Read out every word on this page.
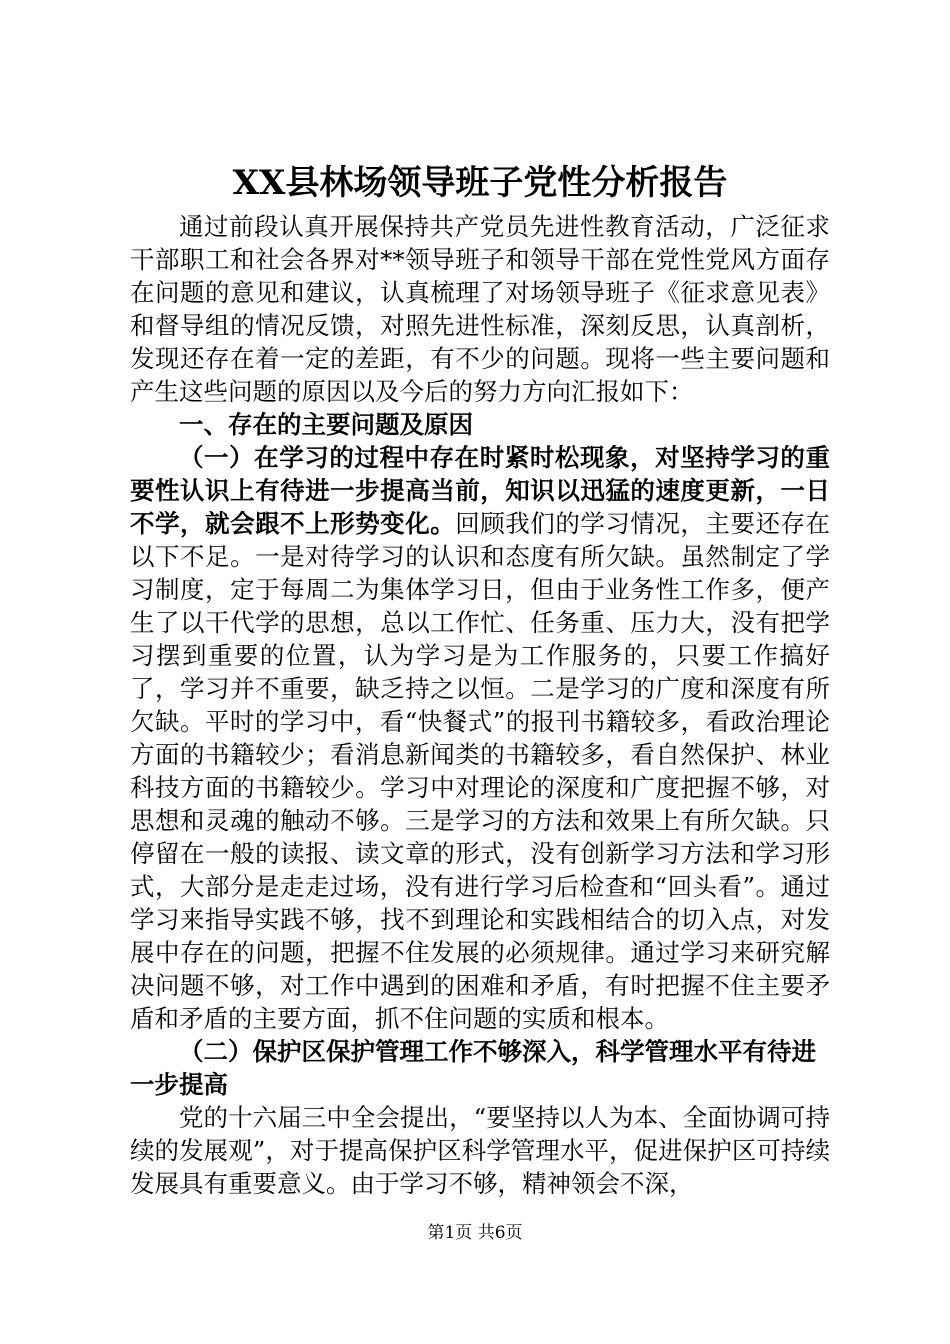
XX县林场领导班子党性分析报告

通过前段认真开展保持共产党员先进性教育活动，广泛征求干部职工和社会各界对**领导班子和领导干部在党性党风方面存在问题的意见和建议，认真梳理了对场领导班子《征求意见表》和督导组的情况反馈，对照先进性标准，深刻反思，认真剖析，发现还存在着一定的差距，有不少的问题。现将一些主要问题和产生这些问题的原因以及今后的努力方向汇报如下：

一、存在的主要问题及原因

（一）在学习的过程中存在时紧时松现象，对坚持学习的重要性认识上有待进一步提高当前，知识以迅猛的速度更新，一日不学，就会跟不上形势变化。回顾我们的学习情况，主要还存在以下不足。一是对待学习的认识和态度有所欠缺。虽然制定了学习制度，定于每周二为集体学习日，但由于业务性工作多，便产生了以干代学的思想，总以工作忙、任务重、压力大，没有把学习摆到重要的位置，认为学习是为工作服务的，只要工作搞好了，学习并不重要，缺乏持之以恒。二是学习的广度和深度有所欠缺。平时的学习中，看“快餐式”的报刊书籍较多，看政治理论方面的书籍较少；看消息新闻类的书籍较多，看自然保护、林业科技方面的书籍较少。学习中对理论的深度和广度把握不够，对思想和灵魂的触动不够。三是学习的方法和效果上有所欠缺。只停留在一般的读报、读文章的形式，没有创新学习方法和学习形式，大部分是走走过场，没有进行学习后检查和“回头看”。通过学习来指导实践不够，找不到理论和实践相结合的切入点，对发展中存在的问题，把握不住发展的必须规律。通过学习来研究解决问题不够，对工作中遇到的困难和矛盾，有时把握不住主要矛盾和矛盾的主要方面，抓不住问题的实质和根本。

（二）保护区保护管理工作不够深入，科学管理水平有待进一步提高

党的十六届三中全会提出，“要坚持以人为本、全面协调可持续的发展观”，对于提高保护区科学管理水平，促进保护区可持续发展具有重要意义。由于学习不够，精神领会不深，

第1页 共6页
